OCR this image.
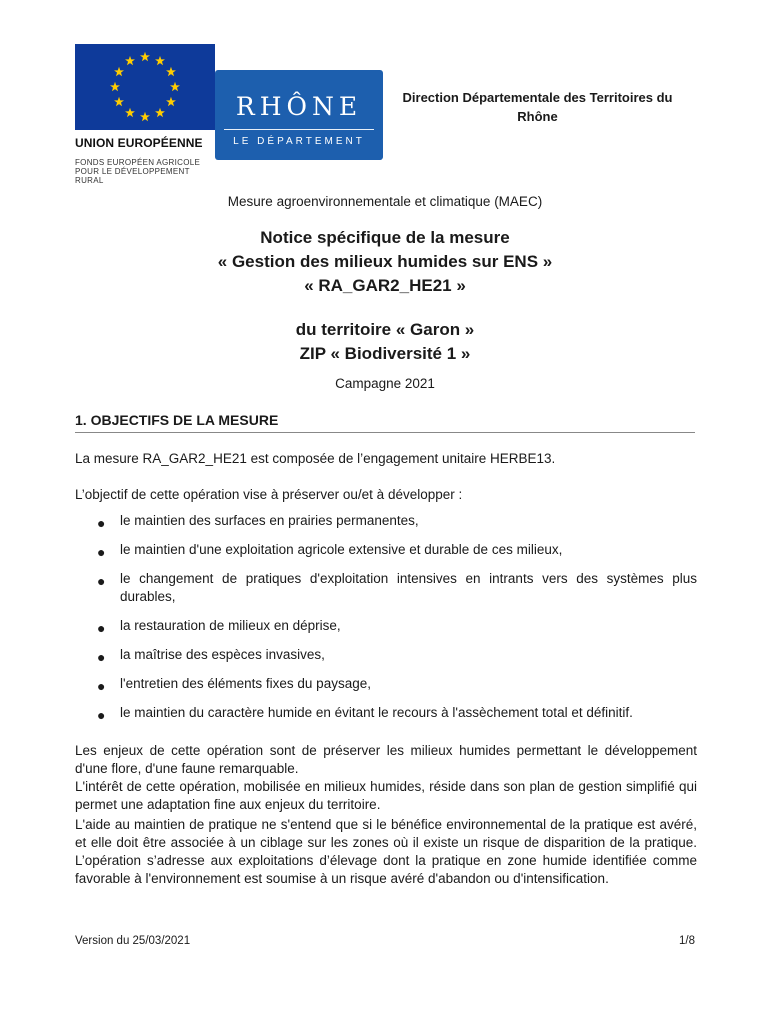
UNION EUROPÉENNE
FONDS EUROPÉEN AGRICOLE
POUR LE DÉVELOPPEMENT RURAL
RHÔNE
LE DÉPARTEMENT
Direction Départementale des Territoires du
Rhône
Mesure agroenvironnementale et climatique (MAEC)
Notice spécifique de la mesure
« Gestion des milieux humides sur ENS »
« RA_GAR2_HE21 »
du territoire « Garon »
ZIP « Biodiversité 1 »
Campagne 2021
1. OBJECTIFS DE LA MESURE
La mesure RA_GAR2_HE21 est composée de l’engagement unitaire HERBE13.
L’objectif de cette opération vise à préserver ou/et à développer :
● le maintien des surfaces en prairies permanentes,
● le maintien d'une exploitation agricole extensive et durable de ces milieux,
● le changement de pratiques d'exploitation intensives en intrants vers des systèmes plus durables,
● la restauration de milieux en déprise,
● la maîtrise des espèces invasives,
● l'entretien des éléments fixes du paysage,
● le maintien du caractère humide en évitant le recours à l'assèchement total et définitif.
Les enjeux de cette opération sont de préserver les milieux humides permettant le développement d'une flore, d'une faune remarquable.
L'intérêt de cette opération, mobilisée en milieux humides, réside dans son plan de gestion simplifié qui permet une adaptation fine aux enjeux du territoire.
L'aide au maintien de pratique ne s'entend que si le bénéfice environnemental de la pratique est avéré, et elle doit être associée à un ciblage sur les zones où il existe un risque de disparition de la pratique. L’opération s’adresse aux exploitations d’élevage dont la pratique en zone humide identifiée comme favorable à l'environnement est soumise à un risque avéré d'abandon ou d'intensification.
Version du 25/03/2021	1/8
